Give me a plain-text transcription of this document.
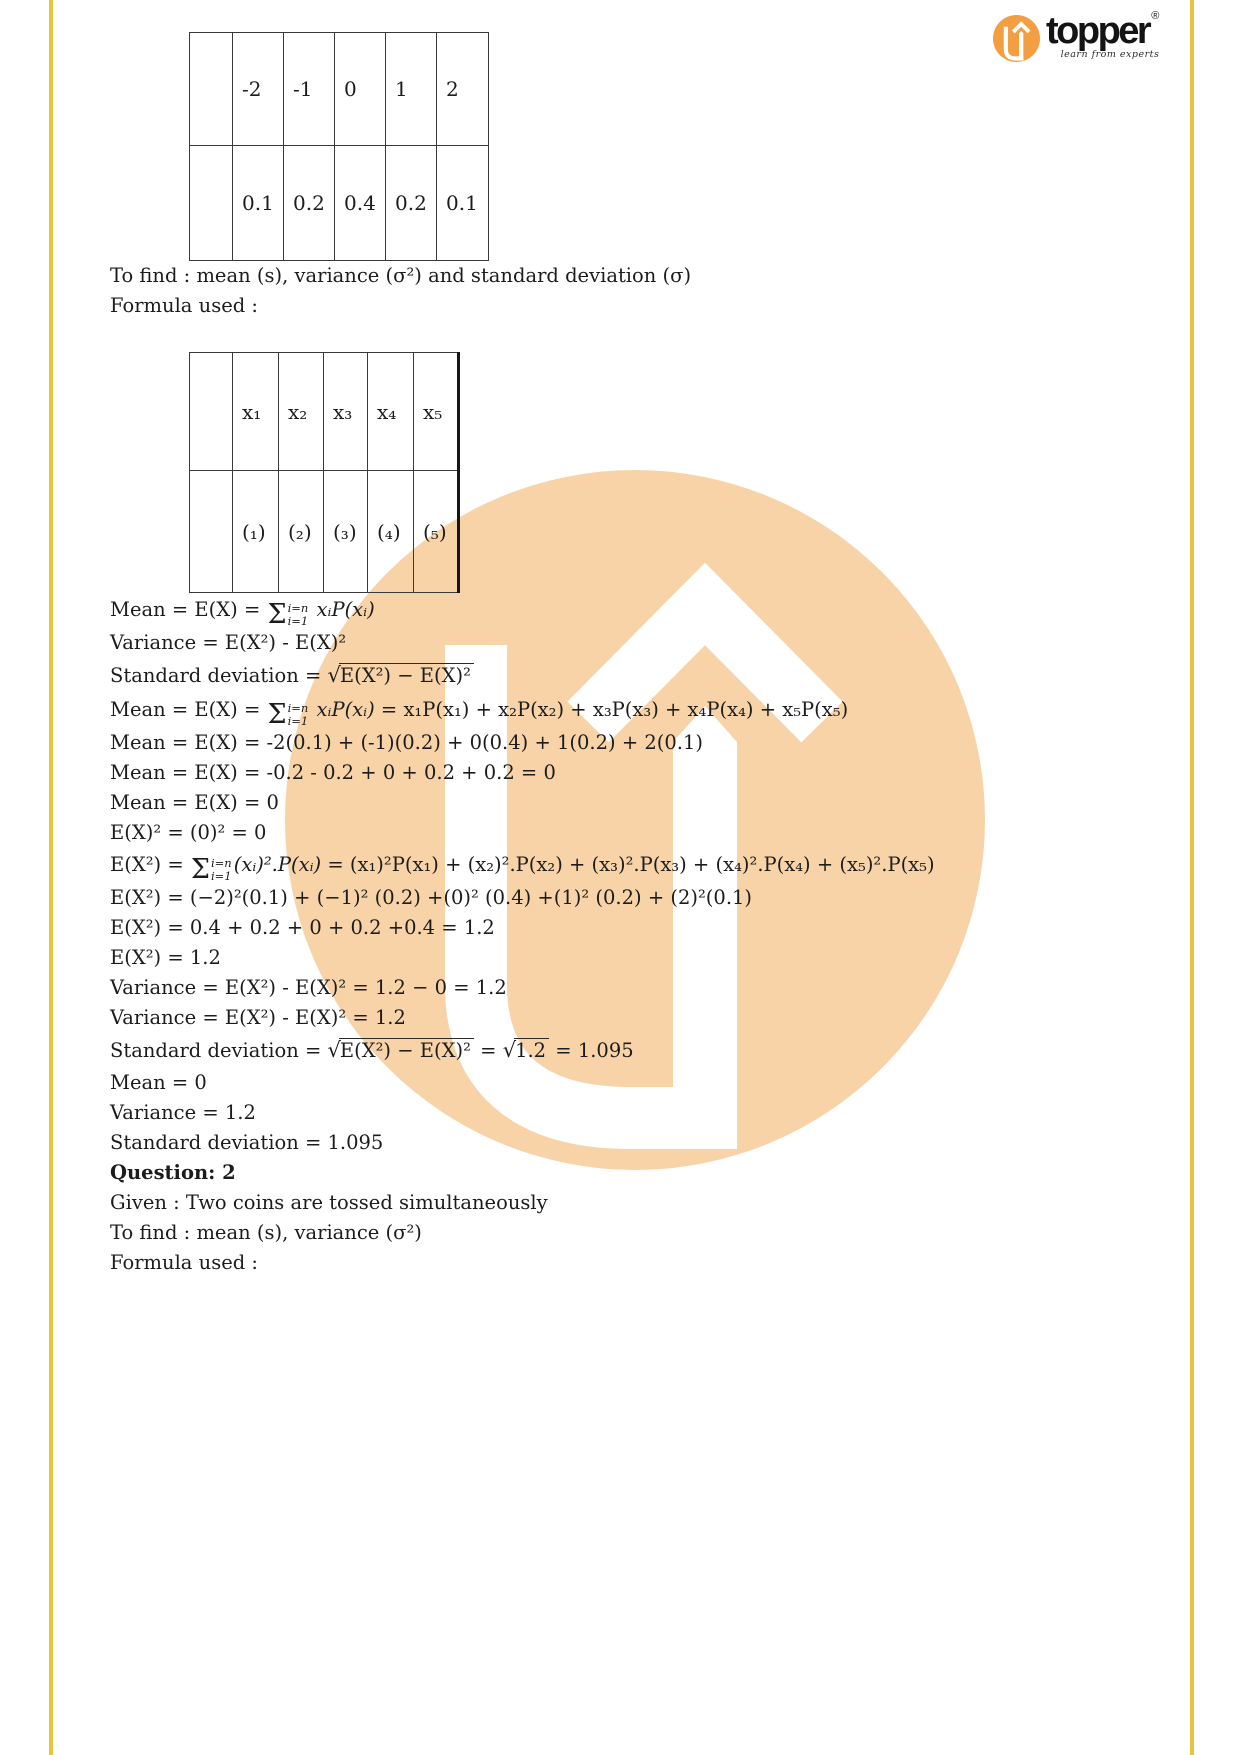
topper ®
learn from experts
	-2	-1	0	1	2
	0.1	0.2	0.4	0.2	0.1

To find : mean (s), variance (σ²) and standard deviation (σ)

Formula used :

	x₁	x₂	x₃	x₄	x₅
	(₁)	(₂)	(₃)	(₄)	(₅)

Mean = E(X) = Σ i=n
i=1 xᵢP(xᵢ)

Variance = E(X²) - E(X)²

Standard deviation = √E(X²) − E(X)²

Mean = E(X) = Σ i=n
i=1 xᵢP(xᵢ) = x₁P(x₁) + x₂P(x₂) + x₃P(x₃) + x₄P(x₄) + x₅P(x₅)

Mean = E(X) = -2(0.1) + (-1)(0.2) + 0(0.4) + 1(0.2) + 2(0.1)

Mean = E(X) = -0.2 - 0.2 + 0 + 0.2 + 0.2 = 0

Mean = E(X) = 0

E(X)² = (0)² = 0

E(X²) = Σ i=n
i=1 (xᵢ)².P(xᵢ) = (x₁)²P(x₁) + (x₂)².P(x₂) + (x₃)².P(x₃) + (x₄)².P(x₄) + (x₅)².P(x₅)

E(X²) = (−2)²(0.1) + (−1)² (0.2) +(0)² (0.4) +(1)² (0.2) + (2)²(0.1)

E(X²) = 0.4 + 0.2 + 0 + 0.2 +0.4 = 1.2

E(X²) = 1.2

Variance = E(X²) - E(X)² = 1.2 − 0 = 1.2

Variance = E(X²) - E(X)² = 1.2

Standard deviation = √E(X²) − E(X)² = √1.2 = 1.095

Mean = 0

Variance = 1.2

Standard deviation = 1.095

Question: 2

Given : Two coins are tossed simultaneously

To find : mean (s), variance (σ²)

Formula used :
